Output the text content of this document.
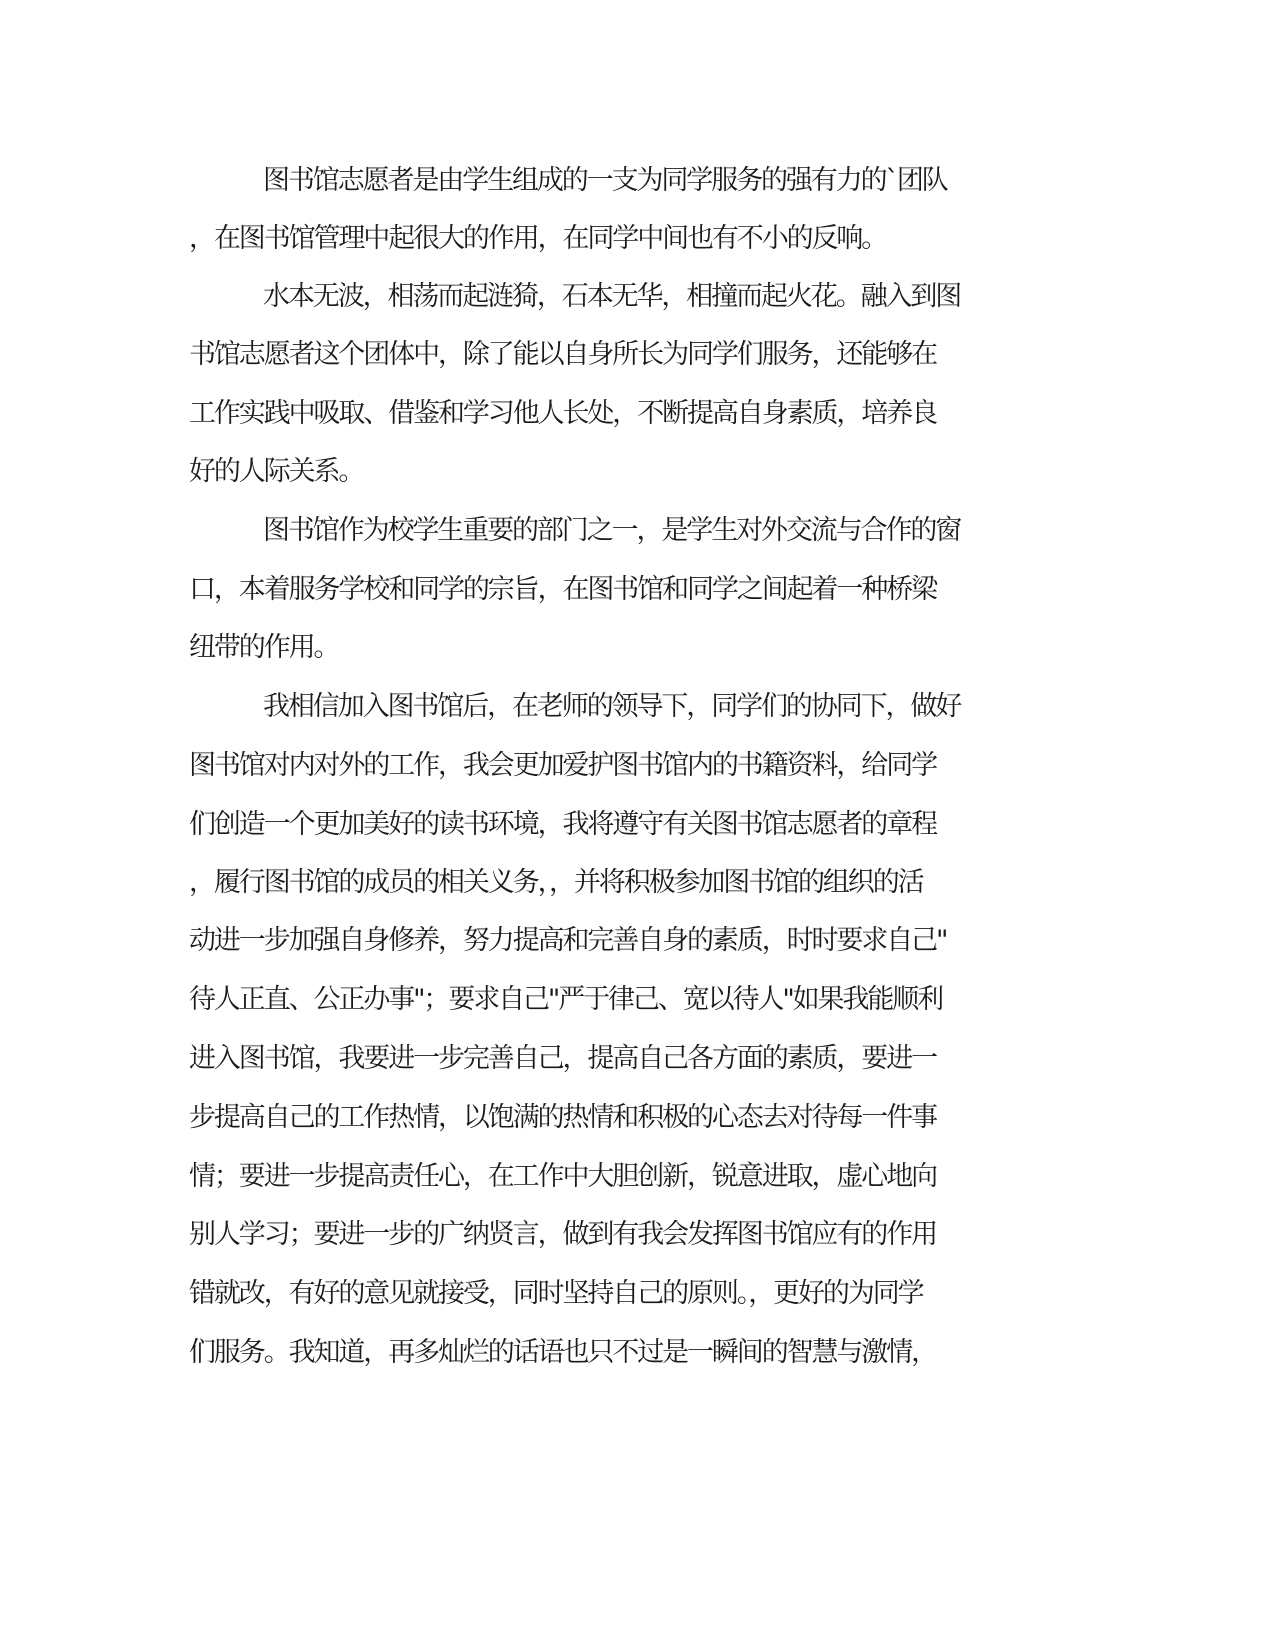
图书馆志愿者是由学生组成的一支为同学服务的强有力的`团队
，在图书馆管理中起很大的作用，在同学中间也有不小的反响。
水本无波，相荡而起涟猗，石本无华，相撞而起火花。融入到图
书馆志愿者这个团体中，除了能以自身所长为同学们服务，还能够在
工作实践中吸取、借鉴和学习他人长处，不断提高自身素质，培养良
好的人际关系。
图书馆作为校学生重要的部门之一，是学生对外交流与合作的窗
口，本着服务学校和同学的宗旨，在图书馆和同学之间起着一种桥梁
纽带的作用。
我相信加入图书馆后，在老师的领导下，同学们的协同下，做好
图书馆对内对外的工作，我会更加爱护图书馆内的书籍资料，给同学
们创造一个更加美好的读书环境，我将遵守有关图书馆志愿者的章程
，履行图书馆的成员的相关义务，，并将积极参加图书馆的组织的活
动进一步加强自身修养，努力提高和完善自身的素质，时时要求自己"
待人正直、公正办事"；要求自己"严于律己、宽以待人"如果我能顺利
进入图书馆，我要进一步完善自己，提高自己各方面的素质，要进一
步提高自己的工作热情，以饱满的热情和积极的心态去对待每一件事
情；要进一步提高责任心，在工作中大胆创新，锐意进取，虚心地向
别人学习；要进一步的广纳贤言，做到有我会发挥图书馆应有的作用
错就改，有好的意见就接受，同时坚持自己的原则。，更好的为同学
们服务。我知道，再多灿烂的话语也只不过是一瞬间的智慧与激情，
